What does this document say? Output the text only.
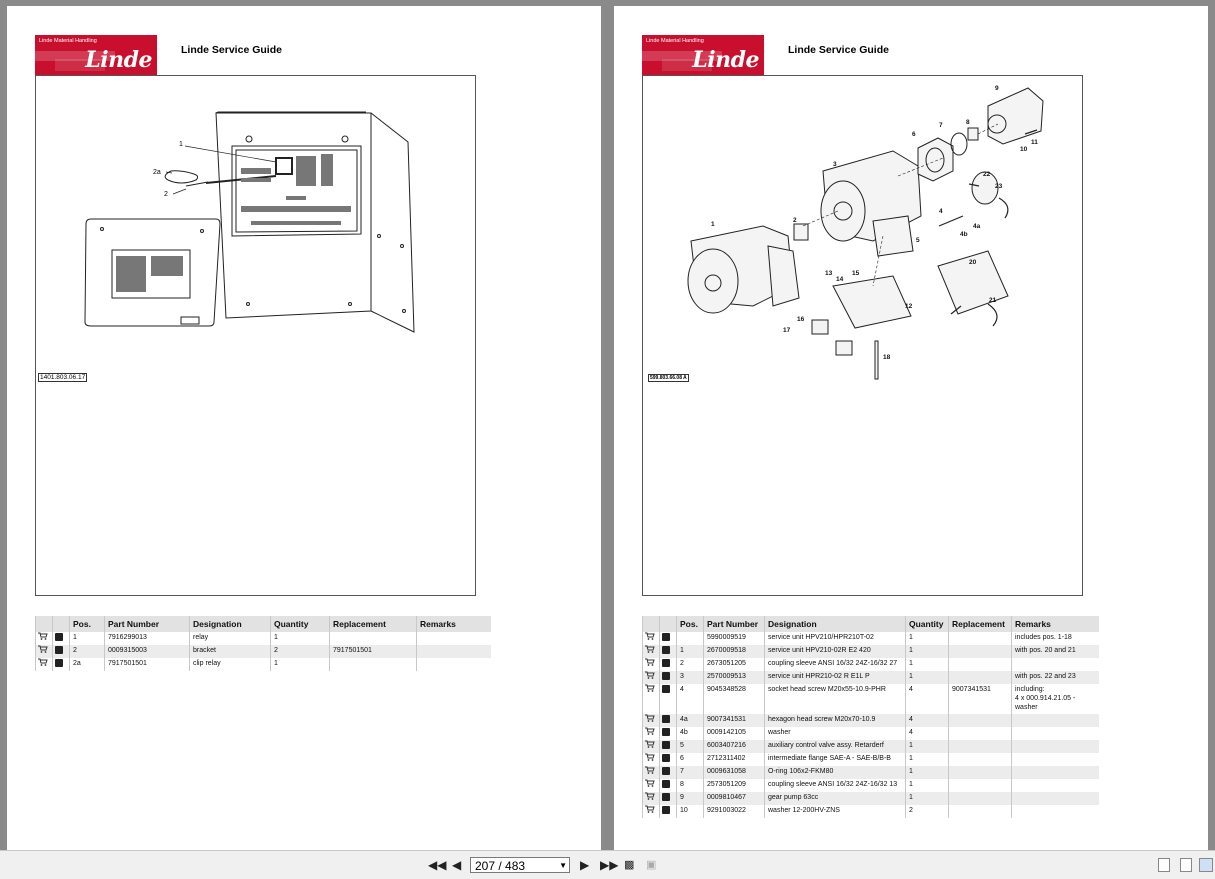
Linde Material Handling
Linde	Linde Service Guide
1
2a
2
1401.803.06.17
		Pos.	Part Number	Designation	Quantity	Replacement	Remarks
		1	7916299013	relay	1		
		2	0009315003	bracket	2	7917501501	
		2a	7917501501	clip relay	1		
Linde Material Handling
Linde	Linde Service Guide
1
2
3
4
4a
4b
5
6
7	8
9
10
11
12
13
14
15
16
17
18
20
21
22
23
599.803.66.08 A
		Pos.	Part Number	Designation	Quantity	Replacement	Remarks
			5990009519	service unit HPV210/HPR210T-02	1		includes pos. 1-18
		1	2670009518	service unit HPV210-02R E2 420	1		with pos. 20 and 21
		2	2673051205	coupling sleeve ANSI 16/32 24Z-16/32 27	1		
		3	2570009513	service unit HPR210-02 R E1L P	1		with pos. 22 and 23
		4	9045348528	socket head screw M20x55-10.9-PHR	4	9007341531	including:
4 x 000.914.21.05 - washer
		4a	9007341531	hexagon head screw M20x70-10.9	4		
		4b	0009142105	washer	4		
		5	6003407216	auxiliary control valve assy. Retarderf	1		
		6	2712311402	intermediate flange SAE-A - SAE-B/B-B	1		
		7	0009631058	O-ring 106x2-FKM80	1		
		8	2573051209	coupling sleeve ANSI 16/32 24Z-16/32 13	1		
		9	0009810467	gear pump 63cc	1		
		10	9291003022	washer 12-200HV-ZNS	2		
◀◀ ◀	207 / 483	▼ ▶ ▶▶ ▩ ▣
